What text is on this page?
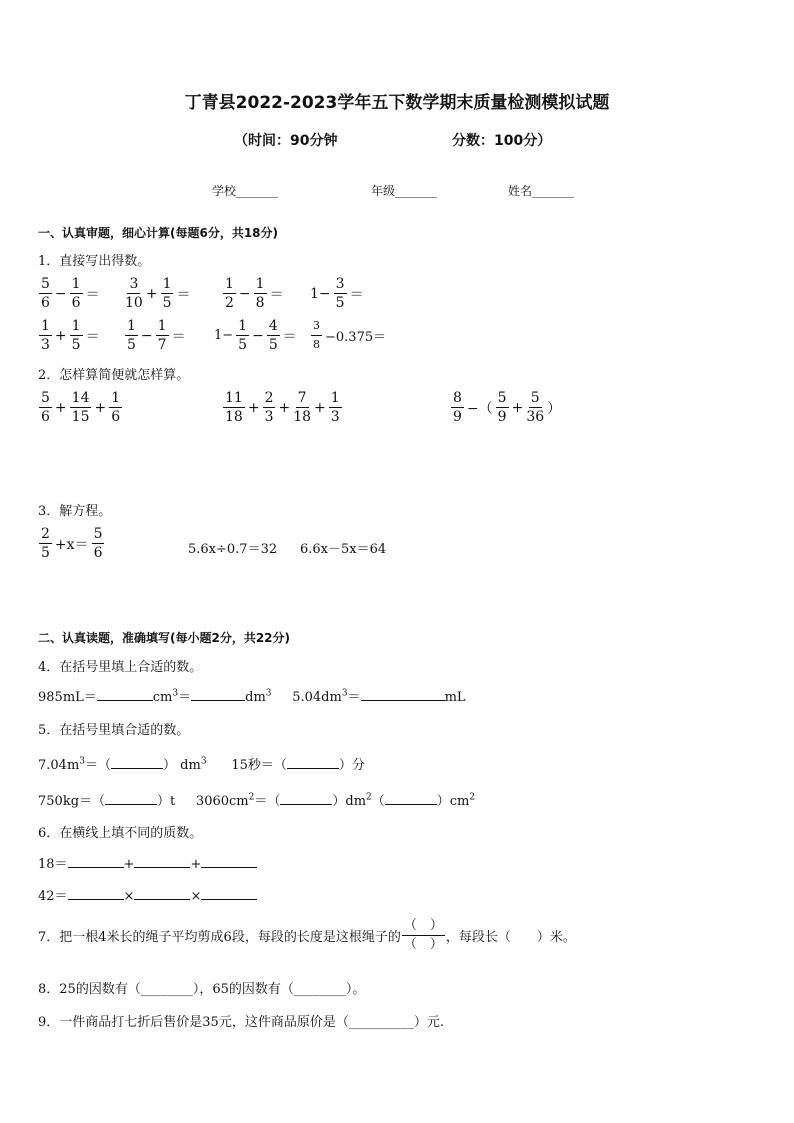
丁青县2022-2023学年五下数学期末质量检测模拟试题
（时间：90分钟	分数：100分）
学校_______	年级_______	姓名_______
一、认真审题，细心计算(每题6分，共18分)
1．直接写出得数。
$\frac{5}{6} - \frac{1}{6} = \frac{3}{10} + \frac{1}{5} = \frac{1}{2} - \frac{1}{8} = 1- \frac{3}{5}$ ＝
$\frac{1}{3} + \frac{1}{5} = \frac{1}{5} - \frac{1}{7} = 1- \frac{1}{5} - \frac{4}{5} = \frac{3}{8} -0.375=$
2．怎样算简便就怎样算。
$\frac{5}{6} + \frac{14}{15} + \frac{1}{6}$	$\frac{11}{18} + \frac{2}{3} + \frac{7}{18} + \frac{1}{3}$	$\frac{8}{9}$ −（ $\frac{5}{9} + \frac{5}{36}$ ）
3．解方程。
$\frac{2}{5} +x= \frac{5}{6}$	5.6x÷0.7＝32 6.6x－5x＝64
二、认真读题，准确填写(每小题2分，共22分)
4．在括号里填上合适的数。
985mL＝	$cm^3=$	$dm^3$ $5.04dm^3=$	mL
5．在括号里填合适的数。
$7.04m^3=$（	） $dm^3$ 15秒＝（	）分
750kg＝（	）t $3060cm^2=$（	）$dm^2$（	）$cm^2$
6．在横线上填不同的质数。
18＝	+	+
42＝	×	×
7．把一根4米长的绳子平均剪成6段，每段的长度是这根绳子的 $\frac{( )}{( )}$ ，每段长（　　）米。
8．25的因数有（________），65的因数有（________）。
9．一件商品打七折后售价是35元，这件商品原价是（__________）元.
